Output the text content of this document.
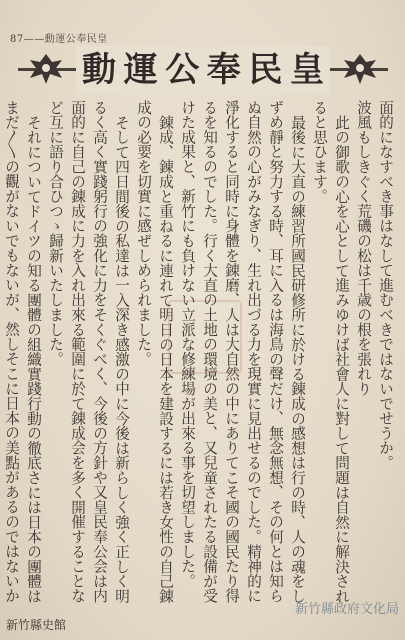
87——動運公奉民皇
動 運 公 奉 民 皇

面的になすべき事はなして進むべきではないでせうか。

波風もしきぐく荒磯の松は千歳の根を張れり

此の御歌の心を心として進みゆけば社會人に對して問題は自然に解決されると思ひます。

最後に大直の練習所國民研修所に於ける錬成の感想は行の時、人の魂をしずめ靜と努力する時、耳に入るは海鳥の聲だけ、無念無想、その何とは知らぬ自然の心がみなぎり、生れ出づる力を現實に見出せるのでした。精神的に淨化すると同時に身體を錬磨、人は大自然の中にありてこそ國の國民たり得るを知るのでした。行く大直の土地の環境の美と、又兒童されたる設備が受けた成果と、新竹にも負けない立派な修練場が出來る事を切望しました。

錬成、錬成と重ねるに連れて明日の日本を建設するには若き女性の自己錬成の必要を切實に感ぜしめられました。

そして四日間後の私達は一入深き感激の中に今後は新らしく強く正しく明るく高く實踐躬行の強化に力をそくぐべく、今後の方針や又皇民奉公会は内面的に自己の錬成に力を入れ出來る範圍に於て錬成会を多く開催することなど互に語り合ひつゝ歸新いたしました。

それについてドイツの知る團體の組織實踐行動の徹底さには日本の團體はまだ〳〵の觀がないでもないが、然しそこに日本の美點があるのではないか

新竹縣史館
新竹縣政府文化局
